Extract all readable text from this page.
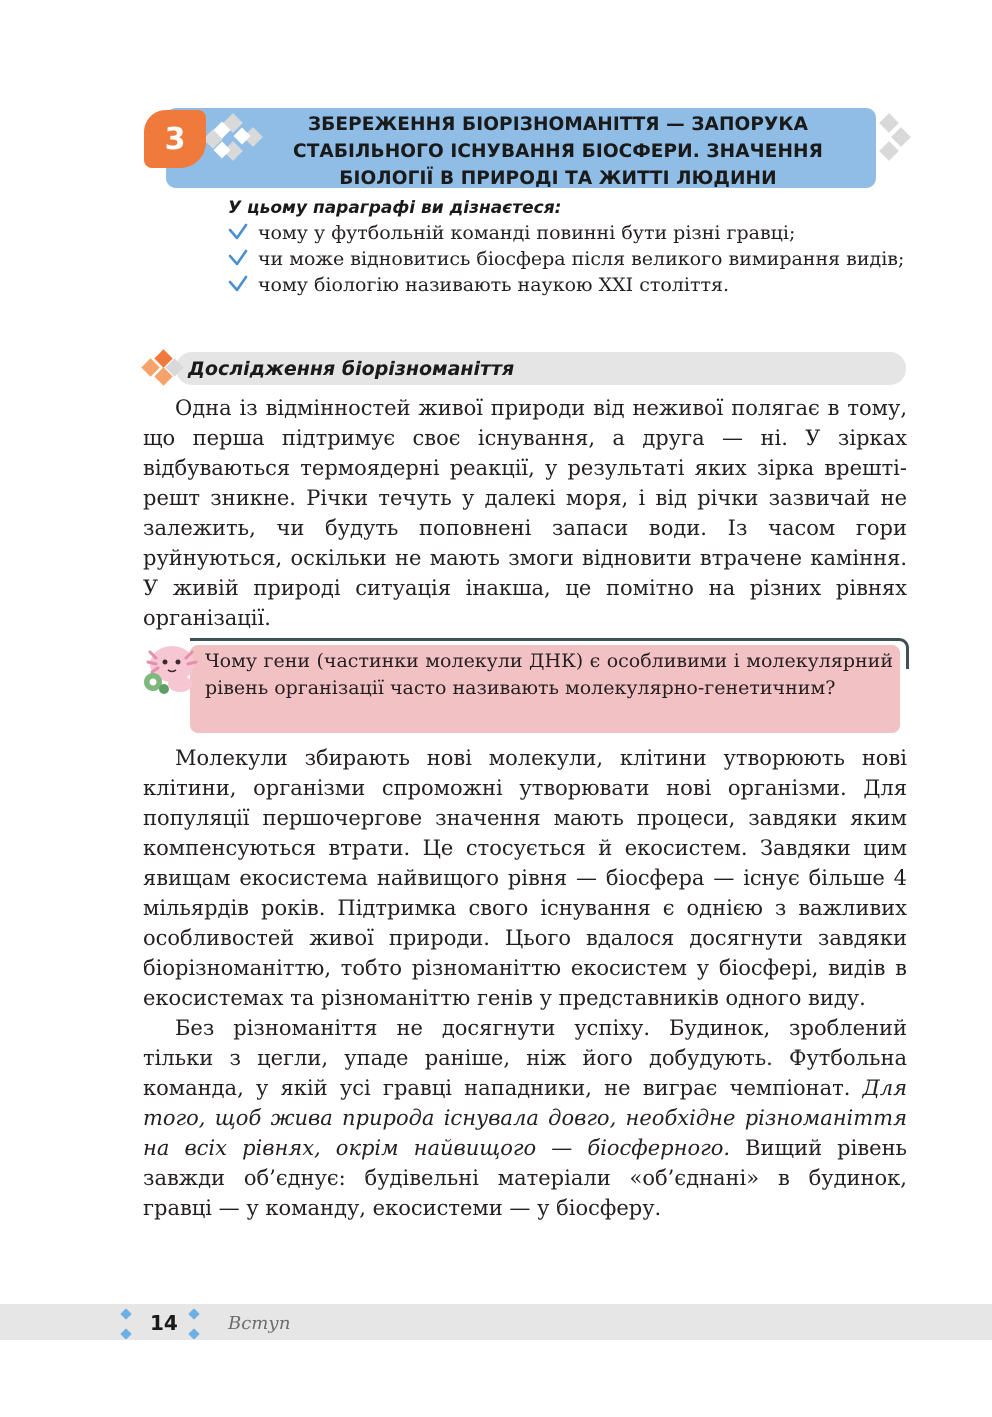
3	ЗБЕРЕЖЕННЯ БІОРІЗНОМАНІТТЯ — ЗАПОРУКА СТАБІЛЬНОГО ІСНУВАННЯ БІОСФЕРИ. ЗНАЧЕННЯ БІОЛОГІЇ В ПРИРОДІ ТА ЖИТТІ ЛЮДИНИ

У цьому параграфі ви дізнаєтеся:

чому у футбольній команді повинні бути різні гравці;
чи може відновитись біосфера після великого вимирання видів;
чому біологію називають наукою XXI століття.
Дослідження біорізноманіття

Одна із відмінностей живої природи від неживої полягає в тому, що перша підтримує своє існування, а друга — ні. У зірках відбуваються термоядерні реакції, у результаті яких зірка врешті-решт зникне. Річки течуть у далекі моря, і від річки зазвичай не залежить, чи будуть поповнені запаси води. Із часом гори руйнуються, оскільки не мають змоги відновити втрачене каміння. У живій природі ситуація інакша, це помітно на різних рівнях організації.

Чому гени (частинки молекули ДНК) є особливими і молекулярний рівень організації часто називають молекулярно-генетичним?

Молекули збирають нові молекули, клітини утворюють нові клітини, організми спроможні утворювати нові організми. Для популяції першочергове значення мають процеси, завдяки яким компенсуються втрати. Це стосується й екосистем. Завдяки цим явищам екосистема найвищого рівня — біосфера — існує більше 4 мільярдів років. Підтримка свого існування є однією з важливих особливостей живої природи. Цього вдалося досягнути завдяки біорізноманіттю, тобто різноманіттю екосистем у біосфері, видів в екосистемах та різноманіттю генів у представників одного виду.

Без різноманіття не досягнути успіху. Будинок, зроблений тільки з цегли, упаде раніше, ніж його добудують. Футбольна команда, у якій усі гравці нападники, не виграє чемпіонат. Для того, щоб жива природа існувала довго, необхідне різноманіття на всіх рівнях, окрім найвищого — біосферного. Вищий рівень завжди об’єднує: будівельні матеріали «об’єднані» в будинок, гравці — у команду, екосистеми — у біосферу.

14	Вступ
